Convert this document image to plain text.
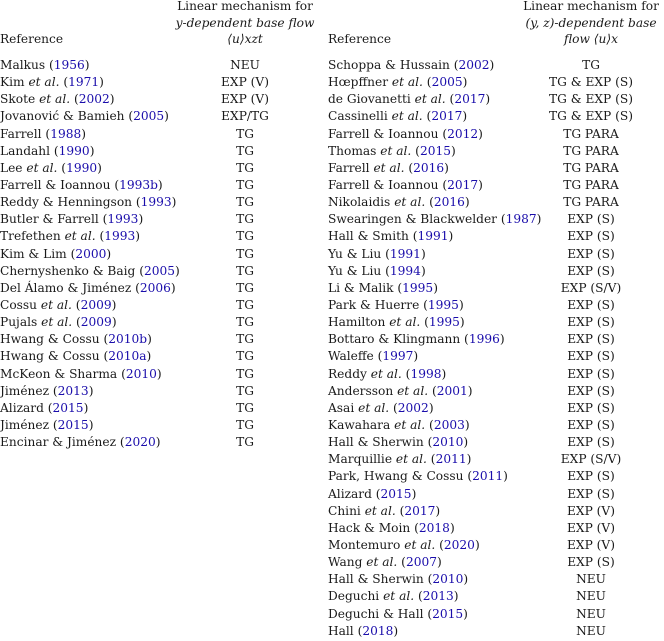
Reference
Linear mechanism for
y-dependent base flow
⟨u⟩xzt
Malkus (1956)	NEU
Kim et al. (1971)	EXP (V)
Skote et al. (2002)	EXP (V)
Jovanović & Bamieh (2005)	EXP/TG
Farrell (1988)	TG
Landahl (1990)	TG
Lee et al. (1990)	TG
Farrell & Ioannou (1993b)	TG
Reddy & Henningson (1993)	TG
Butler & Farrell (1993)	TG
Trefethen et al. (1993)	TG
Kim & Lim (2000)	TG
Chernyshenko & Baig (2005)	TG
Del Álamo & Jiménez (2006)	TG
Cossu et al. (2009)	TG
Pujals et al. (2009)	TG
Hwang & Cossu (2010b)	TG
Hwang & Cossu (2010a)	TG
McKeon & Sharma (2010)	TG
Jiménez (2013)	TG
Alizard (2015)	TG
Jiménez (2015)	TG
Encinar & Jiménez (2020)	TG
Reference
Linear mechanism for
(y, z)-dependent base
flow ⟨u⟩x
Schoppa & Hussain (2002)	TG
Hœpffner et al. (2005)	TG & EXP (S)
de Giovanetti et al. (2017)	TG & EXP (S)
Cassinelli et al. (2017)	TG & EXP (S)
Farrell & Ioannou (2012)	TG PARA
Thomas et al. (2015)	TG PARA
Farrell et al. (2016)	TG PARA
Farrell & Ioannou (2017)	TG PARA
Nikolaidis et al. (2016)	TG PARA
Swearingen & Blackwelder (1987)	EXP (S)
Hall & Smith (1991)	EXP (S)
Yu & Liu (1991)	EXP (S)
Yu & Liu (1994)	EXP (S)
Li & Malik (1995)	EXP (S/V)
Park & Huerre (1995)	EXP (S)
Hamilton et al. (1995)	EXP (S)
Bottaro & Klingmann (1996)	EXP (S)
Waleffe (1997)	EXP (S)
Reddy et al. (1998)	EXP (S)
Andersson et al. (2001)	EXP (S)
Asai et al. (2002)	EXP (S)
Kawahara et al. (2003)	EXP (S)
Hall & Sherwin (2010)	EXP (S)
Marquillie et al. (2011)	EXP (S/V)
Park, Hwang & Cossu (2011)	EXP (S)
Alizard (2015)	EXP (S)
Chini et al. (2017)	EXP (V)
Hack & Moin (2018)	EXP (V)
Montemuro et al. (2020)	EXP (V)
Wang et al. (2007)	EXP (S)
Hall & Sherwin (2010)	NEU
Deguchi et al. (2013)	NEU
Deguchi & Hall (2015)	NEU
Hall (2018)	NEU
